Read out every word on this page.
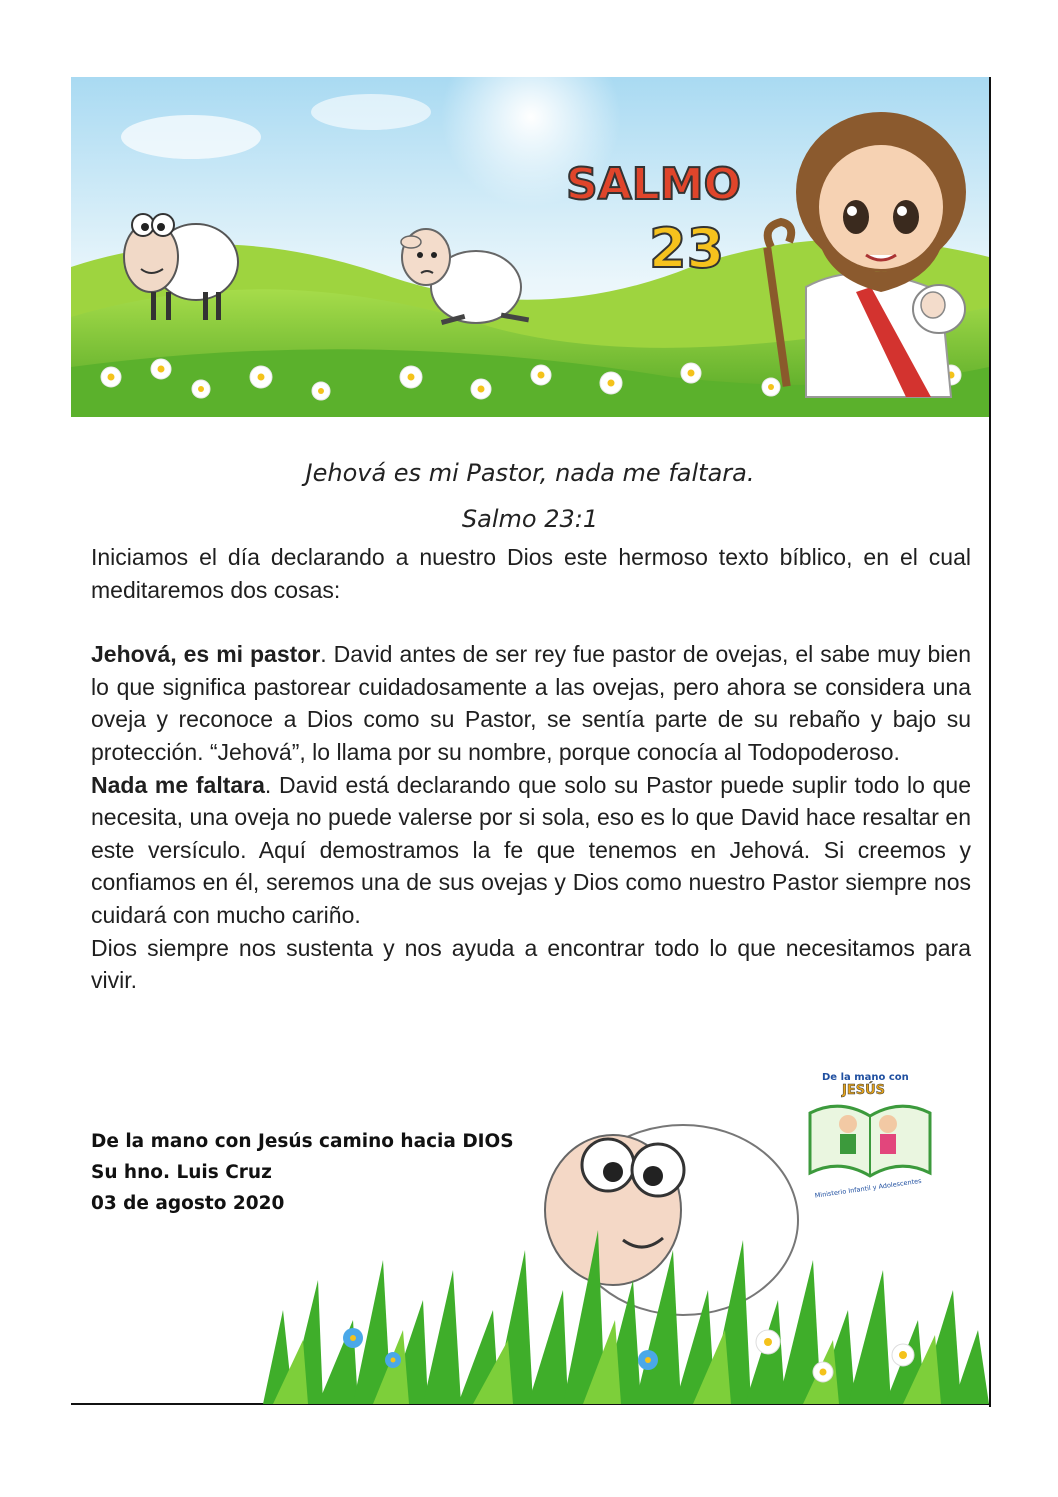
SALMO
23
Jehová es mi Pastor, nada me faltara.
Salmo 23:1

Iniciamos el día declarando a nuestro Dios este hermoso texto bíblico, en el cual meditaremos dos cosas:

Jehová, es mi pastor. David antes de ser rey fue pastor de ovejas, el sabe muy bien lo que significa pastorear cuidadosamente a las ovejas, pero ahora se considera una oveja y reconoce a Dios como su Pastor, se sentía parte de su rebaño y bajo su protección. “Jehová”, lo llama por su nombre, porque conocía al Todopoderoso.

Nada me faltara. David está declarando que solo su Pastor puede suplir todo lo que necesita, una oveja no puede valerse por si sola, eso es lo que David hace resaltar en este versículo. Aquí demostramos la fe que tenemos en Jehová. Si creemos y confiamos en él, seremos una de sus ovejas y Dios como nuestro Pastor siempre nos cuidará con mucho cariño.

Dios siempre nos sustenta y nos ayuda a encontrar todo lo que necesitamos para vivir.

De la mano con Jesús camino hacia DIOS
Su hno. Luis Cruz
03 de agosto 2020
De la mano con
JESÚS
Ministerio Infantil y Adolescentes
